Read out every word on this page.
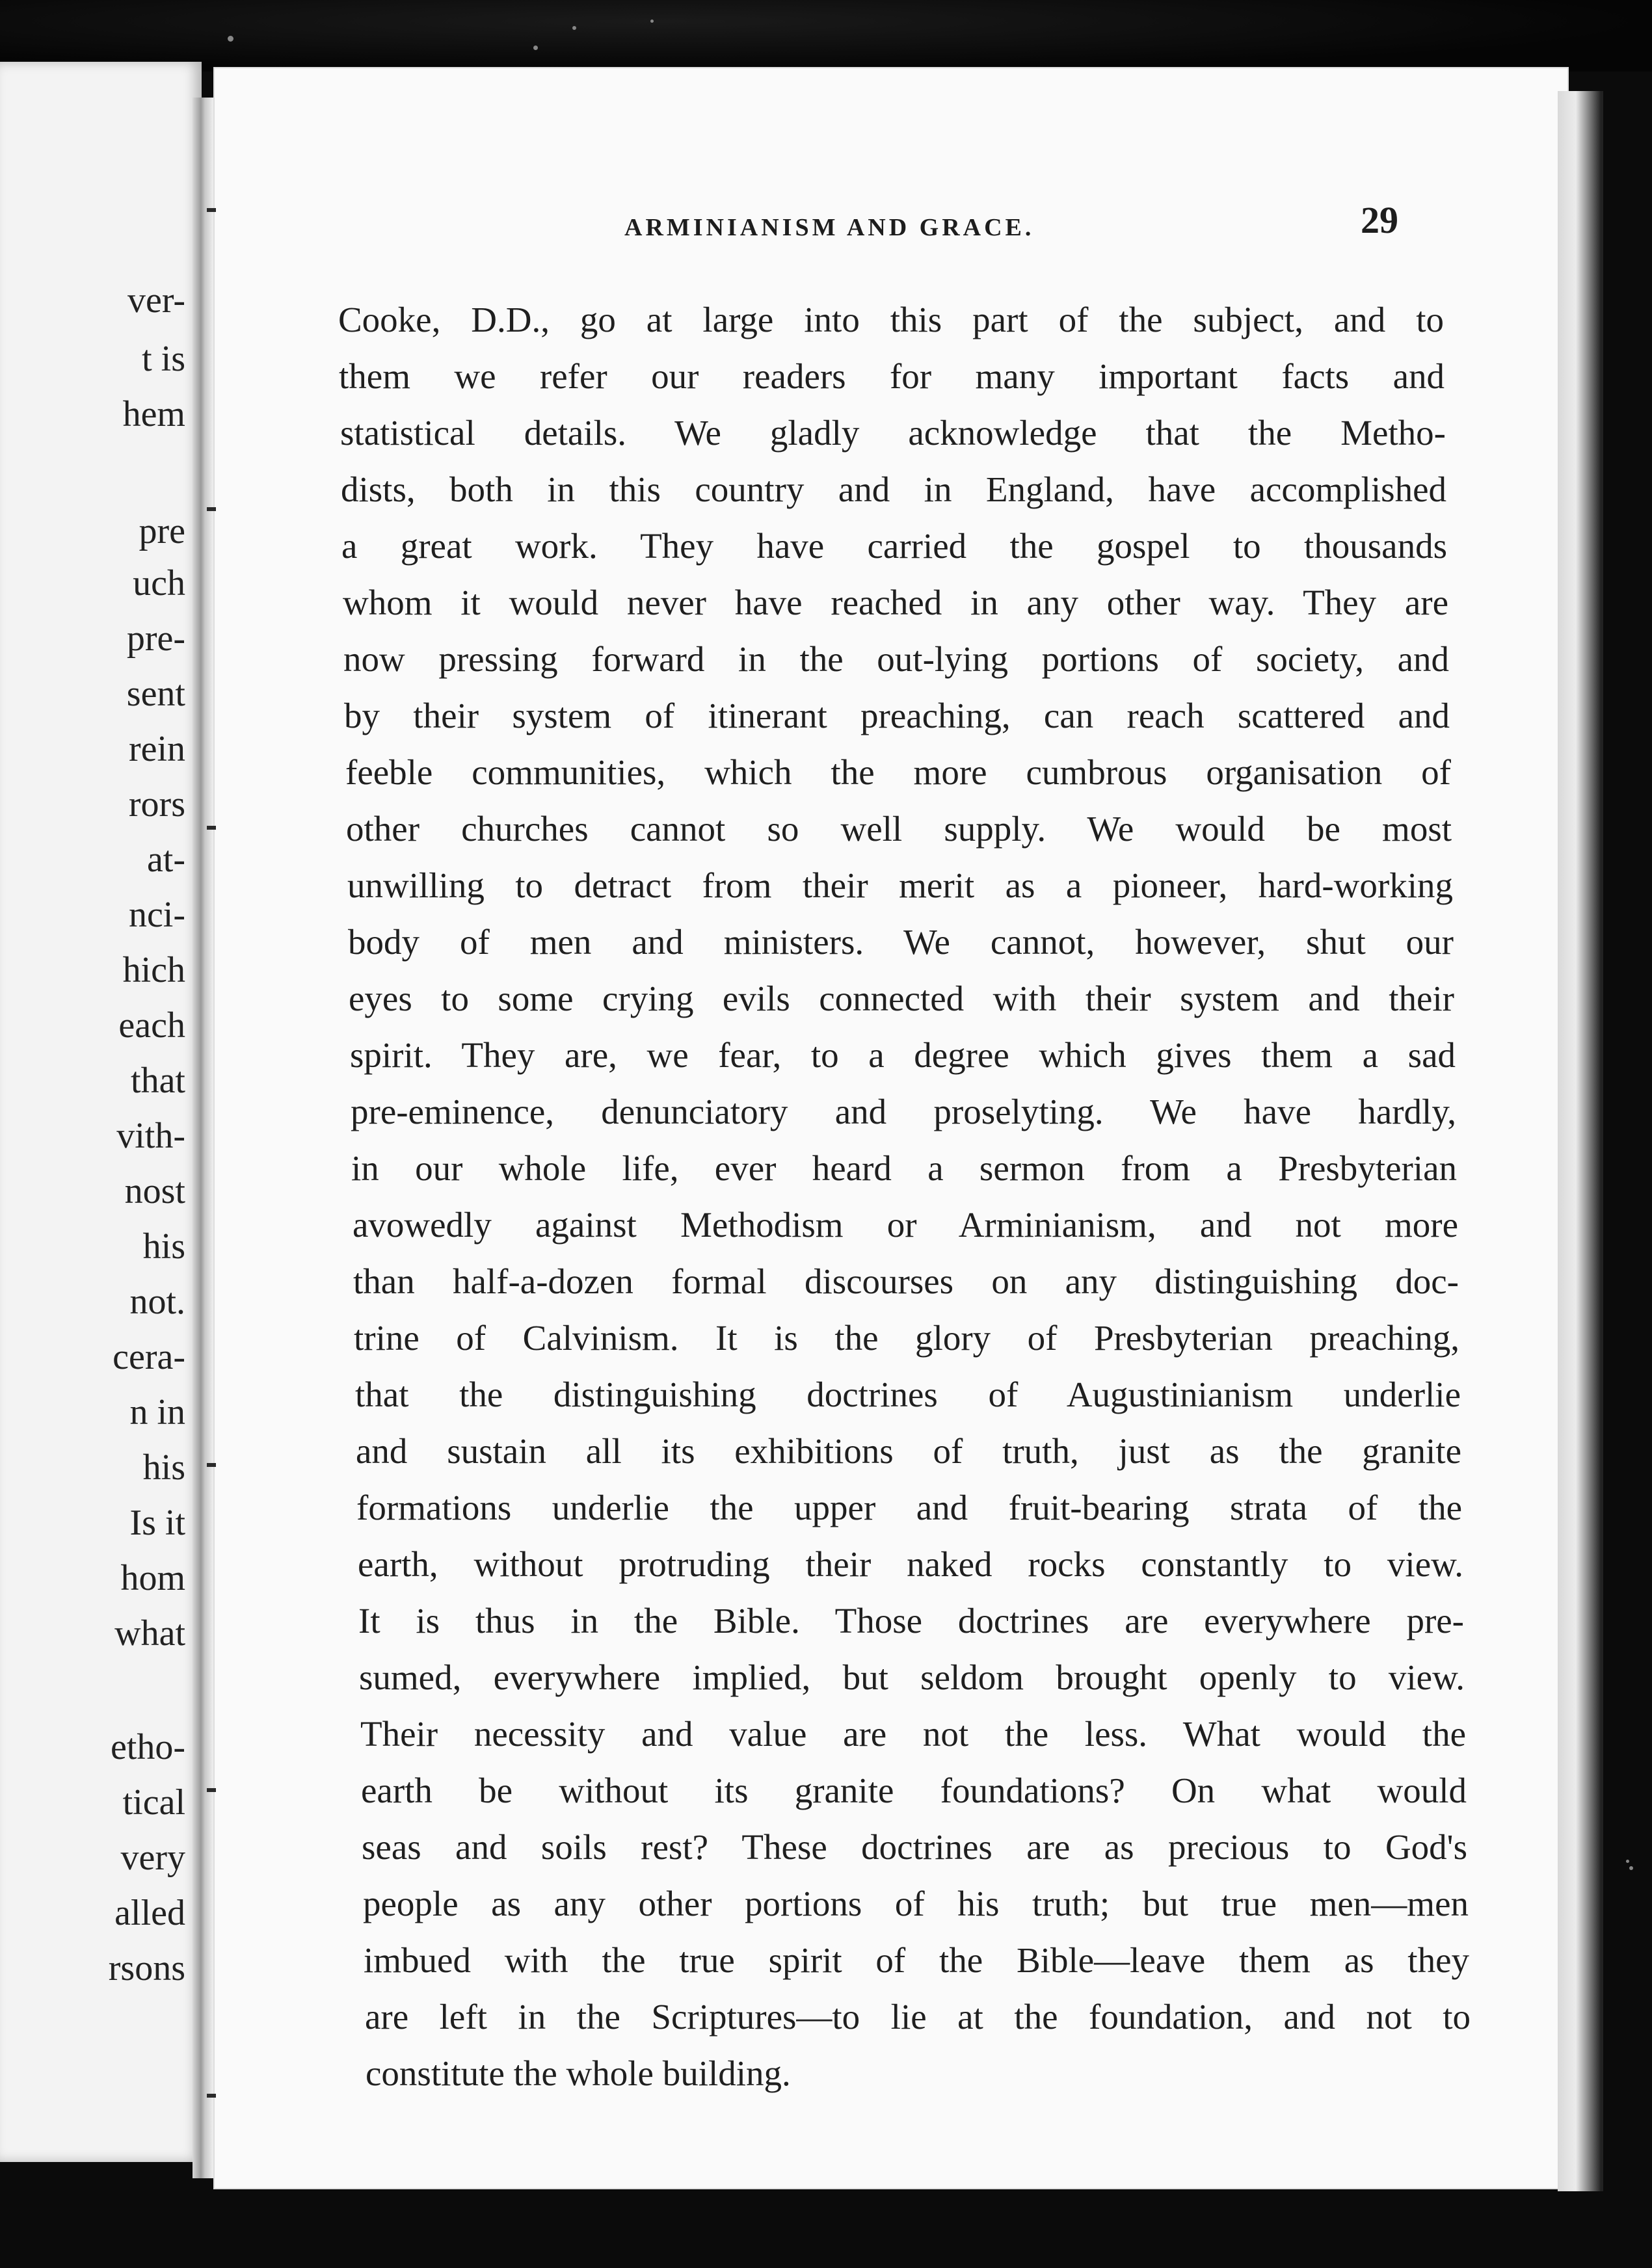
ver-
t is
hem
pre
uch
pre-
sent
rein
rors
at-
nci-
hich
each
that
vith-
nost
his
not.
cera-
n in
his
Is it
hom
what
etho-
tical
very
alled
rsons
ARMINIANISM AND GRACE.	29
Cooke, D.D., go at large into this part of the subject, and to
them we refer our readers for many important facts and
statistical details. We gladly acknowledge that the Metho-
dists, both in this country and in England, have accomplished
a great work. They have carried the gospel to thousands
whom it would never have reached in any other way. They are
now pressing forward in the out-lying portions of society, and
by their system of itinerant preaching, can reach scattered and
feeble communities, which the more cumbrous organisation of
other churches cannot so well supply. We would be most
unwilling to detract from their merit as a pioneer, hard-working
body of men and ministers. We cannot, however, shut our
eyes to some crying evils connected with their system and their
spirit. They are, we fear, to a degree which gives them a sad
pre-eminence, denunciatory and proselyting. We have hardly,
in our whole life, ever heard a sermon from a Presbyterian
avowedly against Methodism or Arminianism, and not more
than half-a-dozen formal discourses on any distinguishing doc-
trine of Calvinism. It is the glory of Presbyterian preaching,
that the distinguishing doctrines of Augustinianism underlie
and sustain all its exhibitions of truth, just as the granite
formations underlie the upper and fruit-bearing strata of the
earth, without protruding their naked rocks constantly to view.
It is thus in the Bible. Those doctrines are everywhere pre-
sumed, everywhere implied, but seldom brought openly to view.
Their necessity and value are not the less. What would the
earth be without its granite foundations? On what would
seas and soils rest? These doctrines are as precious to God's
people as any other portions of his truth; but true men—men
imbued with the true spirit of the Bible—leave them as they
are left in the Scriptures—to lie at the foundation, and not to
constitute the whole building.
